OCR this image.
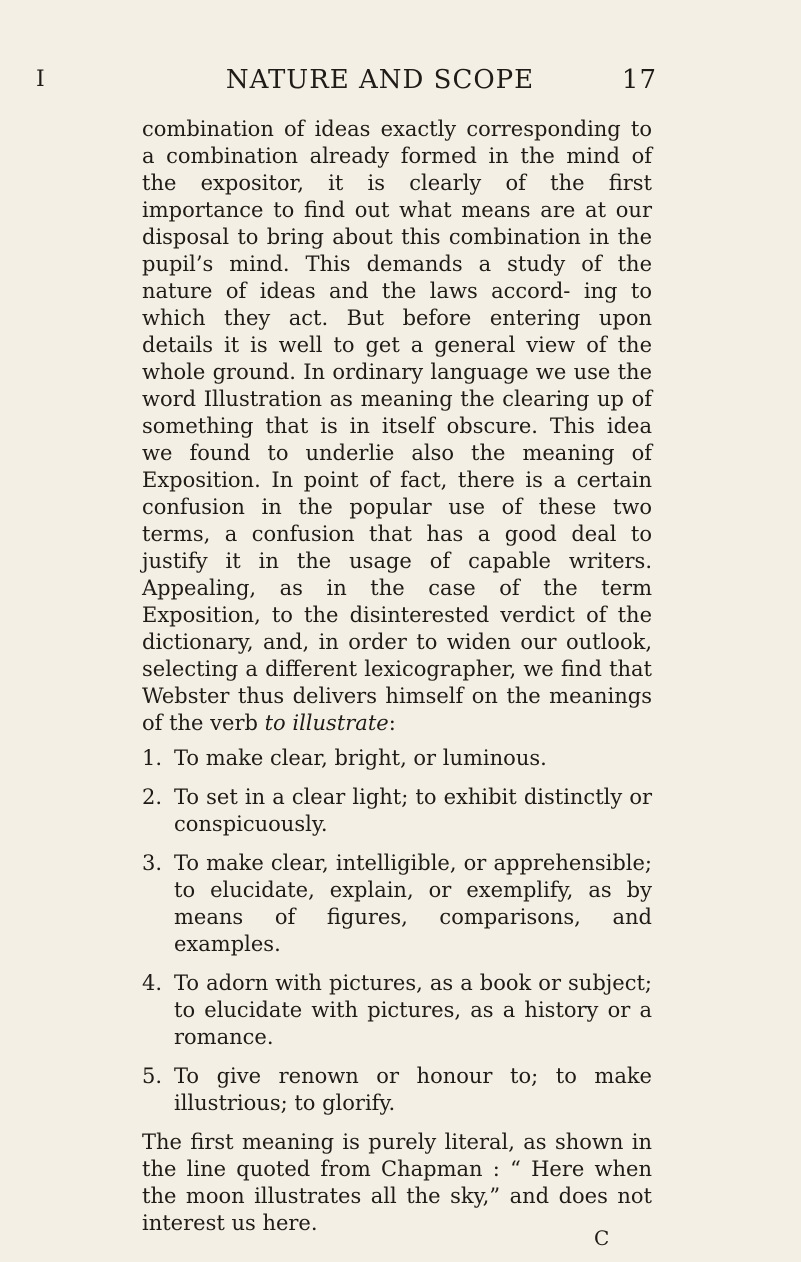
I	NATURE AND SCOPE	17

combination of ideas exactly corresponding to a combination already formed in the mind of the expositor, it is clearly of the first importance to find out what means are at our disposal to bring about this combination in the pupil’s mind. This demands a study of the nature of ideas and the laws accord- ing to which they act. But before entering upon details it is well to get a general view of the whole ground. In ordinary language we use the word Illustration as meaning the clearing up of something that is in itself obscure. This idea we found to underlie also the meaning of Exposition. In point of fact, there is a certain confusion in the popular use of these two terms, a confusion that has a good deal to justify it in the usage of capable writers. Appealing, as in the case of the term Exposition, to the disinterested verdict of the dictionary, and, in order to widen our outlook, selecting a different lexicographer, we find that Webster thus delivers himself on the meanings of the verb to illustrate:

1. To make clear, bright, or luminous.
2. To set in a clear light; to exhibit distinctly or conspicuously.
3. To make clear, intelligible, or apprehensible; to elucidate, explain, or exemplify, as by means of figures, comparisons, and examples.
4. To adorn with pictures, as a book or subject; to elucidate with pictures, as a history or a romance.
5. To give renown or honour to; to make illustrious; to glorify.

The first meaning is purely literal, as shown in the line quoted from Chapman : “ Here when the moon illustrates all the sky,” and does not interest us here.

C
